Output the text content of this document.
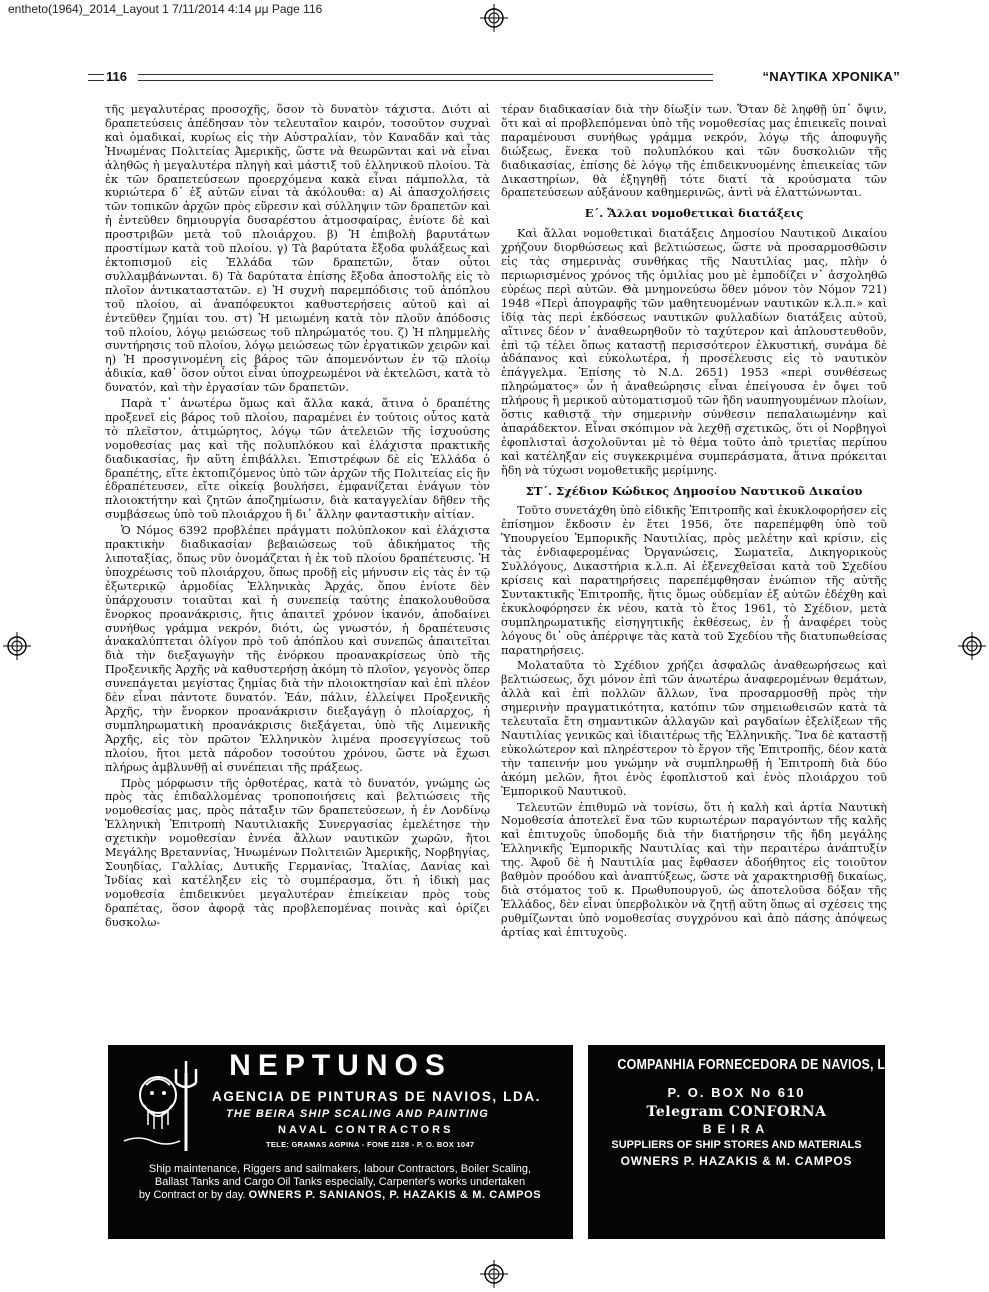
entheto(1964)_2014_Layout 1 7/11/2014 4:14 μμ Page 116
116	“ΝΑΥΤΙΚΑ ΧΡΟΝΙΚΑ”

τῆς μεγαλυτέρας προσοχῆς, ὅσον τὸ δυνατὸν τάχιστα. Διότι αἱ δραπετεύσεις ἀπέδησαν τὸν τελευταῖον καιρόν, τοσοῦτον συχναὶ καὶ ὁμαδικαί, κυρίως εἰς τὴν Αὐστραλίαν, τὸν Καναδᾶν καὶ τὰς Ἡνωμένας Πολιτείας Ἀμερικῆς, ὥστε νὰ θεωρῶνται καὶ νὰ εἶναι ἀληθῶς ἡ μεγαλυτέρα πληγὴ καὶ μάστιξ τοῦ ἑλληνικοῦ πλοίου. Τὰ ἐκ τῶν δραπετεύσεων προερχόμενα κακὰ εἶναι πάμπολλα, τὰ κυριώτερα δ᾽ ἐξ αὐτῶν εἶναι τὰ ἀκόλουθα: α) Αἱ ἀπασχολήσεις τῶν τοπικῶν ἀρχῶν πρὸς εὕρεσιν καὶ σύλληψιν τῶν δραπετῶν καὶ ἡ ἐντεῦθεν δημιουργία δυσαρέστου ἀτμοσφαίρας, ἐνίοτε δὲ καὶ προστριβῶν μετὰ τοῦ πλοιάρχου. β) Ἡ ἐπιβολὴ βαρυτάτων προστίμων κατὰ τοῦ πλοίου. γ) Τὰ βαρύτατα ἔξοδα φυλάξεως καὶ ἐκτοπισμοῦ εἰς Ἑλλάδα τῶν δραπετῶν, ὅταν οὗτοι συλλαμβάνωνται. δ) Τὰ δαρύτατα ἐπίσης ἔξοδα ἀποστολῆς εἰς τὸ πλοῖον ἀντικαταστατῶν. ε) Ἡ συχνὴ παρεμπόδισις τοῦ ἀπόπλου τοῦ πλοίου, αἱ ἀναπόφευκτοι καθυστερήσεις αὐτοῦ καὶ αἱ ἐντεῦθεν ζημίαι του. στ) Ἡ μειωμένη κατὰ τὸν πλοῦν ἀπόδοσις τοῦ πλοίου, λόγῳ μειώσεως τοῦ πληρώματός του. ζ) Ἡ πλημμελὴς συντήρησις τοῦ πλοίου, λόγῳ μειώσεως τῶν ἐργατικῶν χειρῶν καὶ η) Ἡ προσγινομένη εἰς βάρος τῶν ἀπομενόντων ἐν τῷ πλοίῳ ἀδικία, καθ᾽ ὅσον οὗτοι εἶναι ὑποχρεωμένοι νὰ ἐκτελῶσι, κατὰ τὸ δυνατόν, καὶ τὴν ἐργασίαν τῶν δραπετῶν.

Παρὰ τ᾽ ἀνωτέρω ὅμως καὶ ἄλλα κακά, ἅτινα ὁ δραπέτης προξενεῖ εἰς βάρος τοῦ πλοίου, παραμένει ἐν τούτοις οὗτος κατὰ τὸ πλεῖστον, ἀτιμώρητος, λόγῳ τῶν ἀτελειῶν τῆς ἰσχυούσης νομοθεσίας μας καὶ τῆς πολυπλόκου καὶ ἐλάχιστα πρακτικῆς διαδικασίας, ἣν αὕτη ἐπιβάλλει. Ἐπιστρέφων δὲ εἰς Ἑλλάδα ὁ δραπέτης, εἴτε ἐκτοπιζόμενος ὑπὸ τῶν ἀρχῶν τῆς Πολιτείας εἰς ἣν ἐδραπέτευσεν, εἴτε οἰκείᾳ βουλήσει, ἐμφανίζεται ἐνάγων τὸν πλοιοκτήτην καὶ ζητῶν ἀποζημίωσιν, διὰ καταγγελίαν δῆθεν τῆς συμβάσεως ὑπὸ τοῦ πλοιάρχου ἢ δι᾽ ἄλλην φανταστικὴν αἰτίαν.

Ὁ Νόμος 6392 προβλέπει πράγματι πολύπλοκον καὶ ἐλάχιστα πρακτικὴν διαδικασίαν βεβαιώσεως τοῦ ἀδικήματος τῆς λιποταξίας, ὅπως νῦν ὀνομάζεται ἡ ἐκ τοῦ πλοίου δραπέτευσις. Ἡ ὑποχρέωσις τοῦ πλοιάρχου, ὅπως προδῇ εἰς μήνυσιν εἰς τὰς ἐν τῷ ἐξωτερικῷ ἁρμοδίας Ἑλληνικὰς Ἀρχάς, ὅπου ἐνίοτε δὲν ὑπάρχουσιν τοιαῦται καὶ ἡ συνεπείᾳ ταύτης ἐπακολουθοῦσα ἔνορκος προανάκρισις, ἥτις ἀπαιτεῖ χρόνον ἱκανόν, ἀποδαίνει συνήθως γράμμα νεκρόν, διότι, ὡς γνωστόν, ἡ δραπέτευσις ἀνακαλύπτεται ὀλίγον πρὸ τοῦ ἀπόπλου καὶ συνεπῶς ἀπαιτεῖται διὰ τὴν διεξαγωγὴν τῆς ἐνόρκου προανακρίσεως ὑπὸ τῆς Προξενικῆς Ἀρχῆς νὰ καθυστερήσῃ ἀκόμη τὸ πλοῖον, γεγονὸς ὅπερ συνεπάγεται μεγίστας ζημίας διὰ τὴν πλοιοκτησίαν καὶ ἐπὶ πλέον δὲν εἶναι πάντοτε δυνατόν. Ἐάν, πάλιν, ἐλλείψει Προξενικῆς Ἀρχῆς, τὴν ἔνορκον προανάκρισιν διεξαγάγῃ ὁ πλοίαρχος, ἡ συμπληρωματικὴ προανάκρισις διεξάγεται, ὑπὸ τῆς Λιμενικῆς Ἀρχῆς, εἰς τὸν πρῶτον Ἑλληνικὸν λιμένα προσεγγίσεως τοῦ πλοίου, ἤτοι μετὰ πάροδον τοσούτου χρόνου, ὥστε νὰ ἔχωσι πλήρως ἀμβλυνθῇ αἱ συνέπειαι τῆς πράξεως.

Πρὸς μόρφωσιν τῆς ὀρθοτέρας, κατὰ τὸ δυνατόν, γνώμης ὡς πρὸς τὰς ἐπιδαλλομένας τροποποιήσεις καὶ βελτιώσεις τῆς νομοθεσίας μας, πρὸς πάταξιν τῶν δραπετεύσεων, ἡ ἐν Λονδίνῳ Ἑλληνικὴ Ἐπιτροπὴ Ναυτιλιακῆς Συνεργασίας ἐμελέτησε τὴν σχετικὴν νομοθεσίαν ἐννέα ἄλλων ναυτικῶν χωρῶν, ἤτοι Μεγάλης Βρεταννίας, Ἡνωμένων Πολιτειῶν Ἀμερικῆς, Νορβηγίας, Σουηδίας, Γαλλίας, Δυτικῆς Γερμανίας, Ἰταλίας, Δανίας καὶ Ἰνδίας καὶ κατέληξεν εἰς τὸ συμπέρασμα, ὅτι ἡ ἰδικὴ μας νομοθεσία ἐπιδεικνύει μεγαλυτέραν ἐπιείκειαν πρὸς τοὺς δραπέτας, ὅσον ἀφορᾷ τὰς προβλεπομένας ποινὰς καὶ ὁρίζει δυσκολω-

τέραν διαδικασίαν διὰ τὴν δίωξίν των. Ὅταν δὲ ληφθῇ ὑπ᾽ ὄψιν, ὅτι καὶ αἱ προβλεπόμεναι ὑπὸ τῆς νομοθεσίας μας ἐπιεικεῖς ποιναὶ παραμένουσι συνήθως γράμμα νεκρόν, λόγῳ τῆς ἀποφυγῆς διώξεως, ἕνεκα τοῦ πολυπλόκου καὶ τῶν δυσκολιῶν τῆς διαδικασίας, ἐπίσης δὲ λόγῳ τῆς ἐπιδεικνυομένης ἐπιεικείας τῶν Δικαστηρίων, θὰ ἐξηγηθῇ τότε διατί τὰ κρούσματα τῶν δραπετεύσεων αὐξάνουν καθημερινῶς, ἀντὶ νὰ ἐλαττώνωνται.

Ε΄. Ἄλλαι νομοθετικαὶ διατάξεις

Καὶ ἄλλαι νομοθετικαὶ διατάξεις Δημοσίου Ναυτικοῦ Δικαίου χρήζουν διορθώσεως καὶ βελτιώσεως, ὥστε νὰ προσαρμοσθῶσιν εἰς τὰς σημερινὰς συνθήκας τῆς Ναυτιλίας μας, πλὴν ὁ περιωρισμένος χρόνος τῆς ὁμιλίας μου μὲ ἐμποδίζει ν᾽ ἀσχοληθῶ εὐρέως περὶ αὐτῶν. Θὰ μνημονεύσω ὅθεν μόνον τὸν Νόμον 721) 1948 «Περὶ ἀπογραφῆς τῶν μαθητευομένων ναυτικῶν κ.λ.π.» καὶ ἰδίᾳ τὰς περὶ ἐκδόσεως ναυτικῶν φυλλαδίων διατάξεις αὐτοῦ, αἵτινες δέον ν᾽ ἀναθεωρηθοῦν τὸ ταχύτερον καὶ ἁπλουστευθοῦν, ἐπὶ τῷ τέλει ὅπως καταστῇ περισσότερον ἑλκυστική, συνάμα δὲ ἀδάπανος καὶ εὐκολωτέρα, ἡ προσέλευσις εἰς τὸ ναυτικὸν ἐπάγγελμα. Ἐπίσης τὸ Ν.Δ. 2651) 1953 «περὶ συνθέσεως πληρώματος» ὧν ἡ ἀναθεώρησις εἶναι ἐπείγουσα ἐν ὄψει τοῦ πλήρους ἢ μερικοῦ αὐτοματισμοῦ τῶν ἤδη ναυπηγουμένων πλοίων, ὅστις καθιστᾷ τὴν σημερινὴν σύνθεσιν πεπαλαιωμένην καὶ ἀπαράδεκτον. Εἶναι σκόπιμον νὰ λεχθῇ σχετικῶς, ὅτι οἱ Νορβηγοὶ ἐφοπλισταὶ ἀσχολοῦνται μὲ τὸ θέμα τοῦτο ἀπὸ τριετίας περίπου καὶ κατέληξαν εἰς συγκεκριμένα συμπεράσματα, ἅτινα πρόκειται ἤδη νὰ τύχωσι νομοθετικῆς μερίμνης.

ΣΤ΄. Σχέδιον Κώδικος Δημοσίου Ναυτικοῦ Δικαίου

Τοῦτο συνετάχθη ὑπὸ εἰδικῆς Ἐπιτροπῆς καὶ ἐκυκλοφορήσεν εἰς ἐπίσημον ἔκδοσιν ἐν ἔτει 1956, ὅτε παρεπέμφθη ὑπὸ τοῦ Ὑπουργείου Ἐμπορικῆς Ναυτιλίας, πρὸς μελέτην καὶ κρίσιν, εἰς τὰς ἐνδιαφερομένας Ὀργανώσεις, Σωματεῖα, Δικηγορικοὺς Συλλόγους, Δικαστήρια κ.λ.π. Αἱ ἐξενεχθεῖσαι κατὰ τοῦ Σχεδίου κρίσεις καὶ παρατηρήσεις παρεπέμφθησαν ἐνώπιον τῆς αὐτῆς Συντακτικῆς Ἐπιτροπῆς, ἥτις ὅμως οὐδεμίαν ἐξ αὐτῶν ἐδέχθη καὶ ἐκυκλοφόρησεν ἐκ νέου, κατὰ τὸ ἔτος 1961, τὸ Σχέδιον, μετὰ συμπληρωματικῆς εἰσηγητικῆς ἐκθέσεως, ἐν ᾗ ἀναφέρει τοὺς λόγους δι᾽ οὓς ἀπέρριψε τὰς κατὰ τοῦ Σχεδίου τῆς διατυπωθείσας παρατηρήσεις.

Μολαταῦτα τὸ Σχέδιον χρήζει ἀσφαλῶς ἀναθεωρήσεως καὶ βελτιώσεως, ὄχι μόνον ἐπὶ τῶν ἀνωτέρω ἀναφερομένων θεμάτων, ἀλλὰ καὶ ἐπὶ πολλῶν ἄλλων, ἵνα προσαρμοσθῇ πρὸς τὴν σημερινὴν πραγματικότητα, κατόπιν τῶν σημειωθεισῶν κατὰ τὰ τελευταῖα ἔτη σημαντικῶν ἀλλαγῶν καὶ ραγδαίων ἐξελίξεων τῆς Ναυτιλίας γενικῶς καὶ ἰδιαιτέρως τῆς Ἑλληνικῆς. Ἵνα δὲ καταστῇ εὐκολώτερον καὶ πληρέστερον τὸ ἔργον τῆς Ἐπιτροπῆς, δέον κατὰ τὴν ταπεινήν μου γνώμην νὰ συμπληρωθῇ ἡ Ἐπιτροπὴ διὰ δύο ἀκόμη μελῶν, ἤτοι ἑνὸς ἐφοπλιστοῦ καὶ ἑνὸς πλοιάρχου τοῦ Ἐμπορικοῦ Ναυτικοῦ.

Τελευτῶν ἐπιθυμῶ νὰ τονίσω, ὅτι ἡ καλὴ καὶ ἀρτία Ναυτικὴ Νομοθεσία ἀποτελεῖ ἕνα τῶν κυριωτέρων παραγόντων τῆς καλῆς καὶ ἐπιτυχοῦς ὑποδομῆς διὰ τὴν διατήρησιν τῆς ἤδη μεγάλης Ἑλληνικῆς Ἐμπορικῆς Ναυτιλίας καὶ τὴν περαιτέρω ἀνάπτυξίν της. Ἀφοῦ δὲ ἡ Ναυτιλία μας ἔφθασεν ἀδοήθητος εἰς τοιοῦτον βαθμὸν προόδου καὶ ἀναπτύξεως, ὥστε νὰ χαρακτηρισθῇ δικαίως, διὰ στόματος τοῦ κ. Πρωθυπουργοῦ, ὡς ἀποτελοῦσα δόξαν τῆς Ἑλλάδος, δὲν εἶναι ὑπερβολικὸν νὰ ζητῇ αὕτη ὅπως αἱ σχέσεις της ρυθμίζωνται ὑπὸ νομοθεσίας συγχρόνου καὶ ἀπὸ πάσης ἀπόψεως ἀρτίας καὶ ἐπιτυχοῦς.

NEPTUNOS
AGENCIA DE PINTURAS DE NAVIOS, LDA.
THE BEIRA SHIP SCALING AND PAINTING
NAVAL CONTRACTORS
TELE: GRAMAS AGPINA - FONE 2128 - P. O. BOX 1047
Ship maintenance, Riggers and sailmakers, labour Contractors, Boiler Scaling,
Ballast Tanks and Cargo Oil Tanks especially, Carpenter's works undertaken
by Contract or by day. OWNERS P. SANIANOS, P. HAZAKIS & M. CAMPOS
COMPANHIA FORNECEDORA DE NAVIOS, LDA.
P. O. BOX No 610
Telegram CONFORNA
BEIRA
SUPPLIERS OF SHIP STORES AND MATERIALS
OWNERS P. HAZAKIS & M. CAMPOS
